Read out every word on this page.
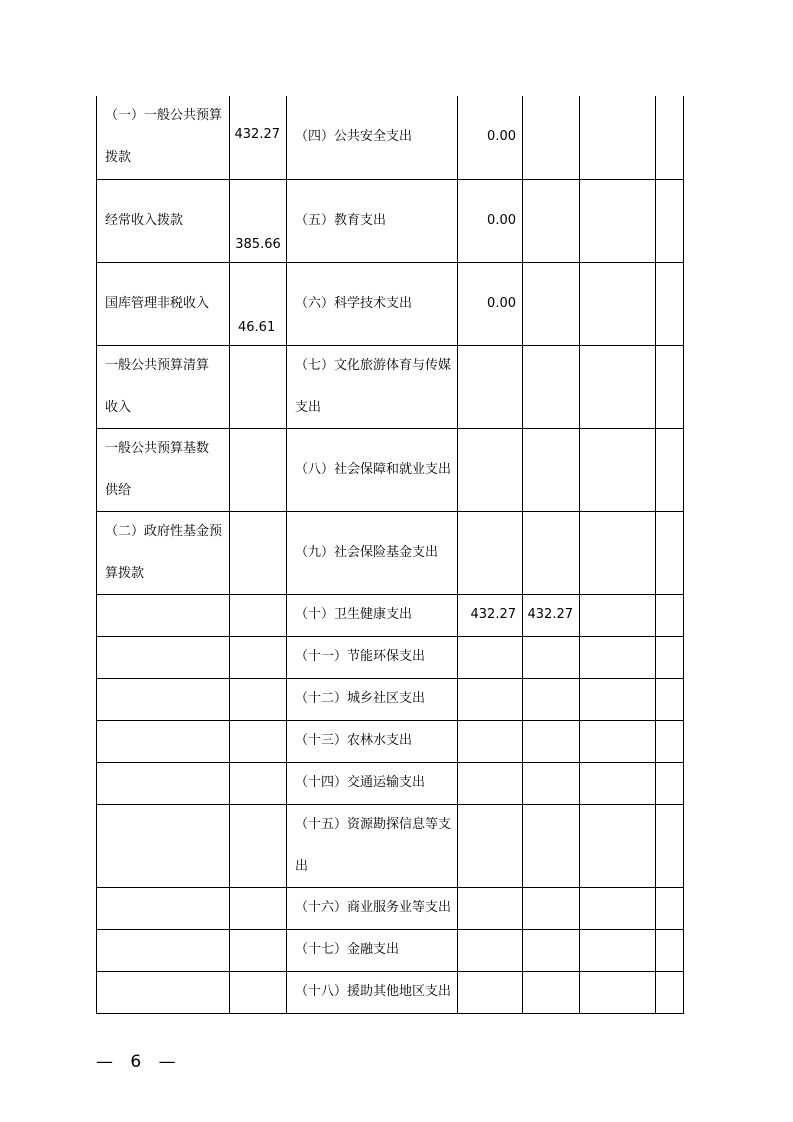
（一）一般公共预算
拨款	432.27	（四）公共安全支出	0.00			

经常收入拨款	385.66	（五）教育支出	0.00			

国库管理非税收入	46.61	（六）科学技术支出	0.00			

一般公共预算清算
收入		（七）文化旅游体育与传媒
支出				

一般公共预算基数
供给		（八）社会保障和就业支出				

（二）政府性基金预
算拨款		（九）社会保险基金支出				

		（十）卫生健康支出	432.27	432.27		

		（十一）节能环保支出				

		（十二）城乡社区支出				

		（十三）农林水支出				

		（十四）交通运输支出				

		（十五）资源勘探信息等支
出				

		（十六）商业服务业等支出				

		（十七）金融支出				

		（十八）援助其他地区支出				

— 6 —
